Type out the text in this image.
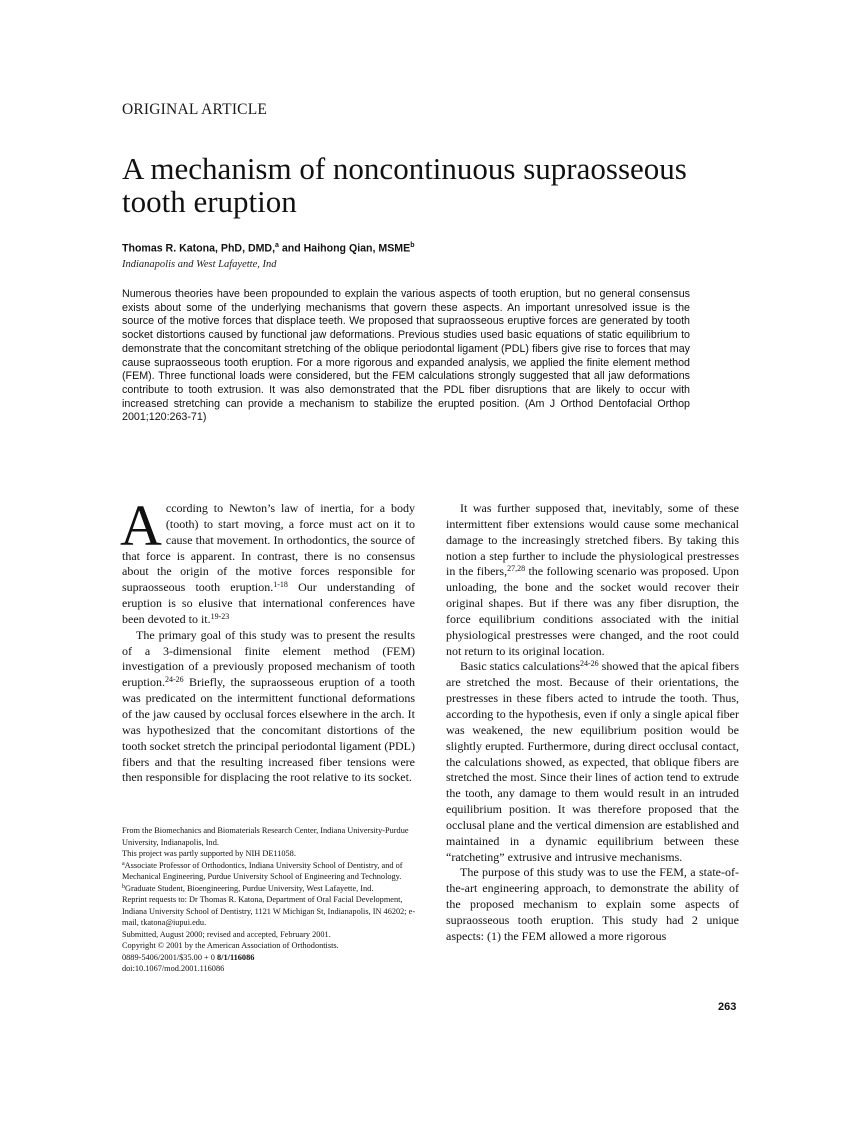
ORIGINAL ARTICLE
A mechanism of noncontinuous supraosseous tooth eruption
Thomas R. Katona, PhD, DMD,$^a$ and Haihong Qian, MSME$^b$
Indianapolis and West Lafayette, Ind

Numerous theories have been propounded to explain the various aspects of tooth eruption, but no general consensus exists about some of the underlying mechanisms that govern these aspects. An important unresolved issue is the source of the motive forces that displace teeth. We proposed that supraosseous eruptive forces are generated by tooth socket distortions caused by functional jaw deformations. Previous studies used basic equations of static equilibrium to demonstrate that the concomitant stretching of the oblique periodontal ligament (PDL) fibers give rise to forces that may cause supraosseous tooth eruption. For a more rigorous and expanded analysis, we applied the finite element method (FEM). Three functional loads were considered, but the FEM calculations strongly suggested that all jaw deformations contribute to tooth extrusion. It was also demonstrated that the PDL fiber disruptions that are likely to occur with increased stretching can provide a mechanism to stabilize the erupted position. (Am J Orthod Dentofacial Orthop 2001;120:263-71)

According to Newton’s law of inertia, for a body (tooth) to start moving, a force must act on it to cause that movement. In orthodontics, the source of that force is apparent. In contrast, there is no consensus about the origin of the motive forces responsible for supraosseous tooth eruption.$^{1-18}$ Our understanding of eruption is so elusive that international conferences have been devoted to it.$^{19-23}$

The primary goal of this study was to present the results of a 3-dimensional finite element method (FEM) investigation of a previously proposed mechanism of tooth eruption.$^{24-26}$ Briefly, the supraosseous eruption of a tooth was predicated on the intermittent functional deformations of the jaw caused by occlusal forces elsewhere in the arch. It was hypothesized that the concomitant distortions of the tooth socket stretch the principal periodontal ligament (PDL) fibers and that the resulting increased fiber tensions were then responsible for displacing the root relative to its socket.

From the Biomechanics and Biomaterials Research Center, Indiana University-Purdue University, Indianapolis, Ind.
This project was partly supported by NIH DE11058.
$^a$Associate Professor of Orthodontics, Indiana University School of Dentistry, and of Mechanical Engineering, Purdue University School of Engineering and Technology.
$^b$Graduate Student, Bioengineering, Purdue University, West Lafayette, Ind.
Reprint requests to: Dr Thomas R. Katona, Department of Oral Facial Development, Indiana University School of Dentistry, 1121 W Michigan St, Indianapolis, IN 46202; e-mail, tkatona@iupui.edu.
Submitted, August 2000; revised and accepted, February 2001.
Copyright © 2001 by the American Association of Orthodontists.
0889-5406/2001/$35.00 + 0 8/1/116086
doi:10.1067/mod.2001.116086

It was further supposed that, inevitably, some of these intermittent fiber extensions would cause some mechanical damage to the increasingly stretched fibers. By taking this notion a step further to include the physiological prestresses in the fibers,$^{27,28}$ the following scenario was proposed. Upon unloading, the bone and the socket would recover their original shapes. But if there was any fiber disruption, the force equilibrium conditions associated with the initial physiological prestresses were changed, and the root could not return to its original location.

Basic statics calculations$^{24-26}$ showed that the apical fibers are stretched the most. Because of their orientations, the prestresses in these fibers acted to intrude the tooth. Thus, according to the hypothesis, even if only a single apical fiber was weakened, the new equilibrium position would be slightly erupted. Furthermore, during direct occlusal contact, the calculations showed, as expected, that oblique fibers are stretched the most. Since their lines of action tend to extrude the tooth, any damage to them would result in an intruded equilibrium position. It was therefore proposed that the occlusal plane and the vertical dimension are established and maintained in a dynamic equilibrium between these “ratcheting” extrusive and intrusive mechanisms.

The purpose of this study was to use the FEM, a state-of-the-art engineering approach, to demonstrate the ability of the proposed mechanism to explain some aspects of supraosseous tooth eruption. This study had 2 unique aspects: (1) the FEM allowed a more rigorous

263
